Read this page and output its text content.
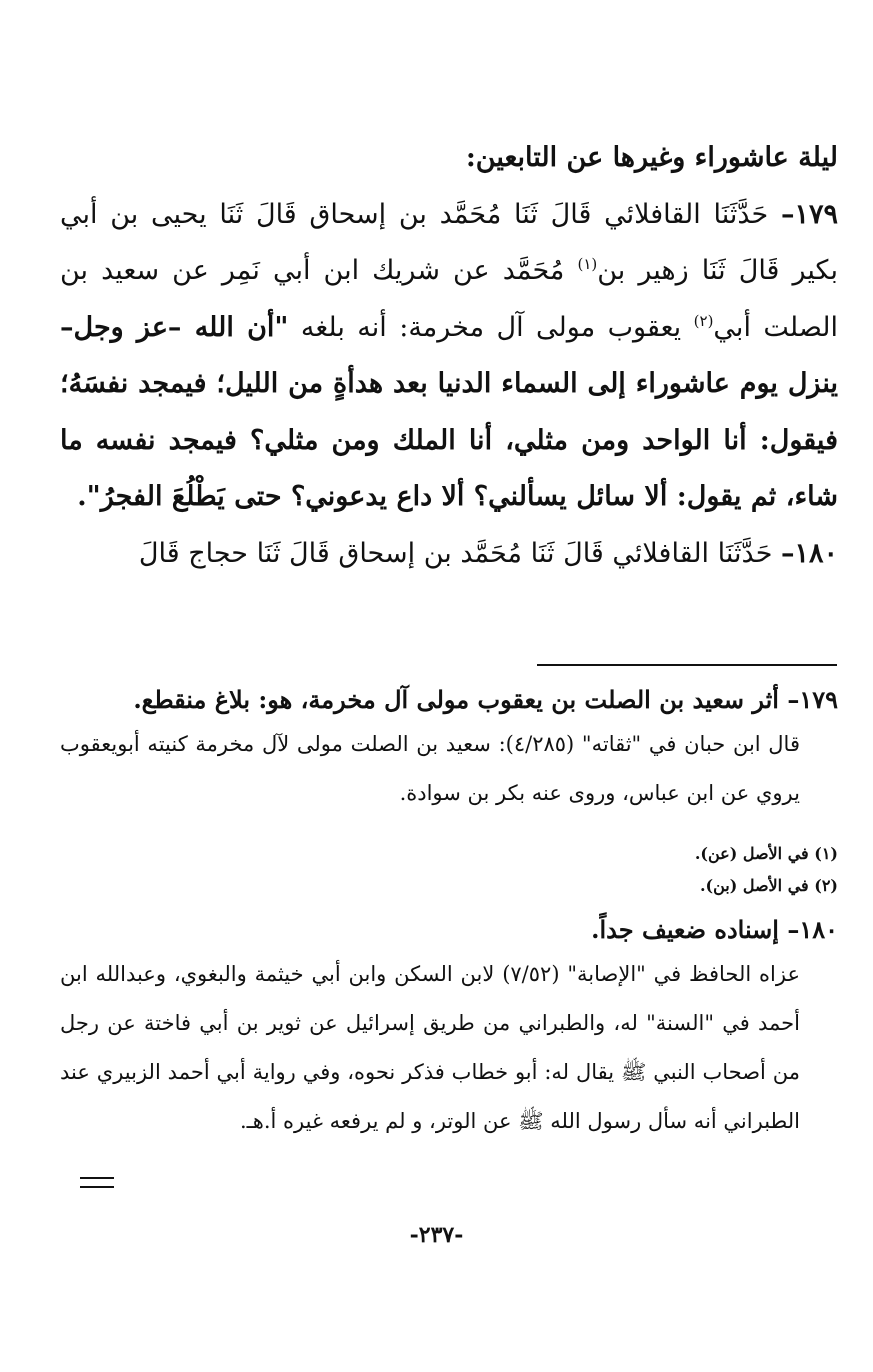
ليلة عاشوراء وغيرها عن التابعين:

١٧٩– حَدَّثَنَا القافلائي قَالَ ثَنَا مُحَمَّد بن إسحاق قَالَ ثَنَا يحيى بن أبي بكير قَالَ ثَنَا زهير بن$^{(١)}$ مُحَمَّد عن شريك ابن أبي نَمِر عن سعيد بن الصلت أبي$^{(٢)}$ يعقوب مولى آل مخرمة: أنه بلغه "أن الله –عز وجل– ينزل يوم عاشوراء إلى السماء الدنيا بعد هدأةٍ من الليل؛ فيمجد نفسَهُ؛ فيقول: أنا الواحد ومن مثلي، أنا الملك ومن مثلي؟ فيمجد نفسه ما شاء، ثم يقول: ألا سائل يسألني؟ ألا داع يدعوني؟ حتى يَطْلُعَ الفجرُ".

١٨٠– حَدَّثَنَا القافلائي قَالَ ثَنَا مُحَمَّد بن إسحاق قَالَ ثَنَا حجاج قَالَ

١٧٩– أثر سعيد بن الصلت بن يعقوب مولى آل مخرمة، هو: بلاغ منقطع.

قال ابن حبان في "ثقاته" (٤/٢٨٥): سعيد بن الصلت مولى لآل مخرمة كنيته أبويعقوب يروي عن ابن عباس، وروى عنه بكر بن سوادة.

(١) في الأصل (عن).

(٢) في الأصل (بن).

١٨٠– إسناده ضعيف جداً.

عزاه الحافظ في "الإصابة" (٧/٥٢) لابن السكن وابن أبي خيثمة والبغوي، وعبدالله ابن أحمد في "السنة" له، والطبراني من طريق إسرائيل عن ثوير بن أبي فاختة عن رجل من أصحاب النبي ﷺ يقال له: أبو خطاب فذكر نحوه، وفي رواية أبي أحمد الزبيري عند الطبراني أنه سأل رسول الله ﷺ عن الوتر، و لم يرفعه غيره أ.هـ.

-٢٣٧-
